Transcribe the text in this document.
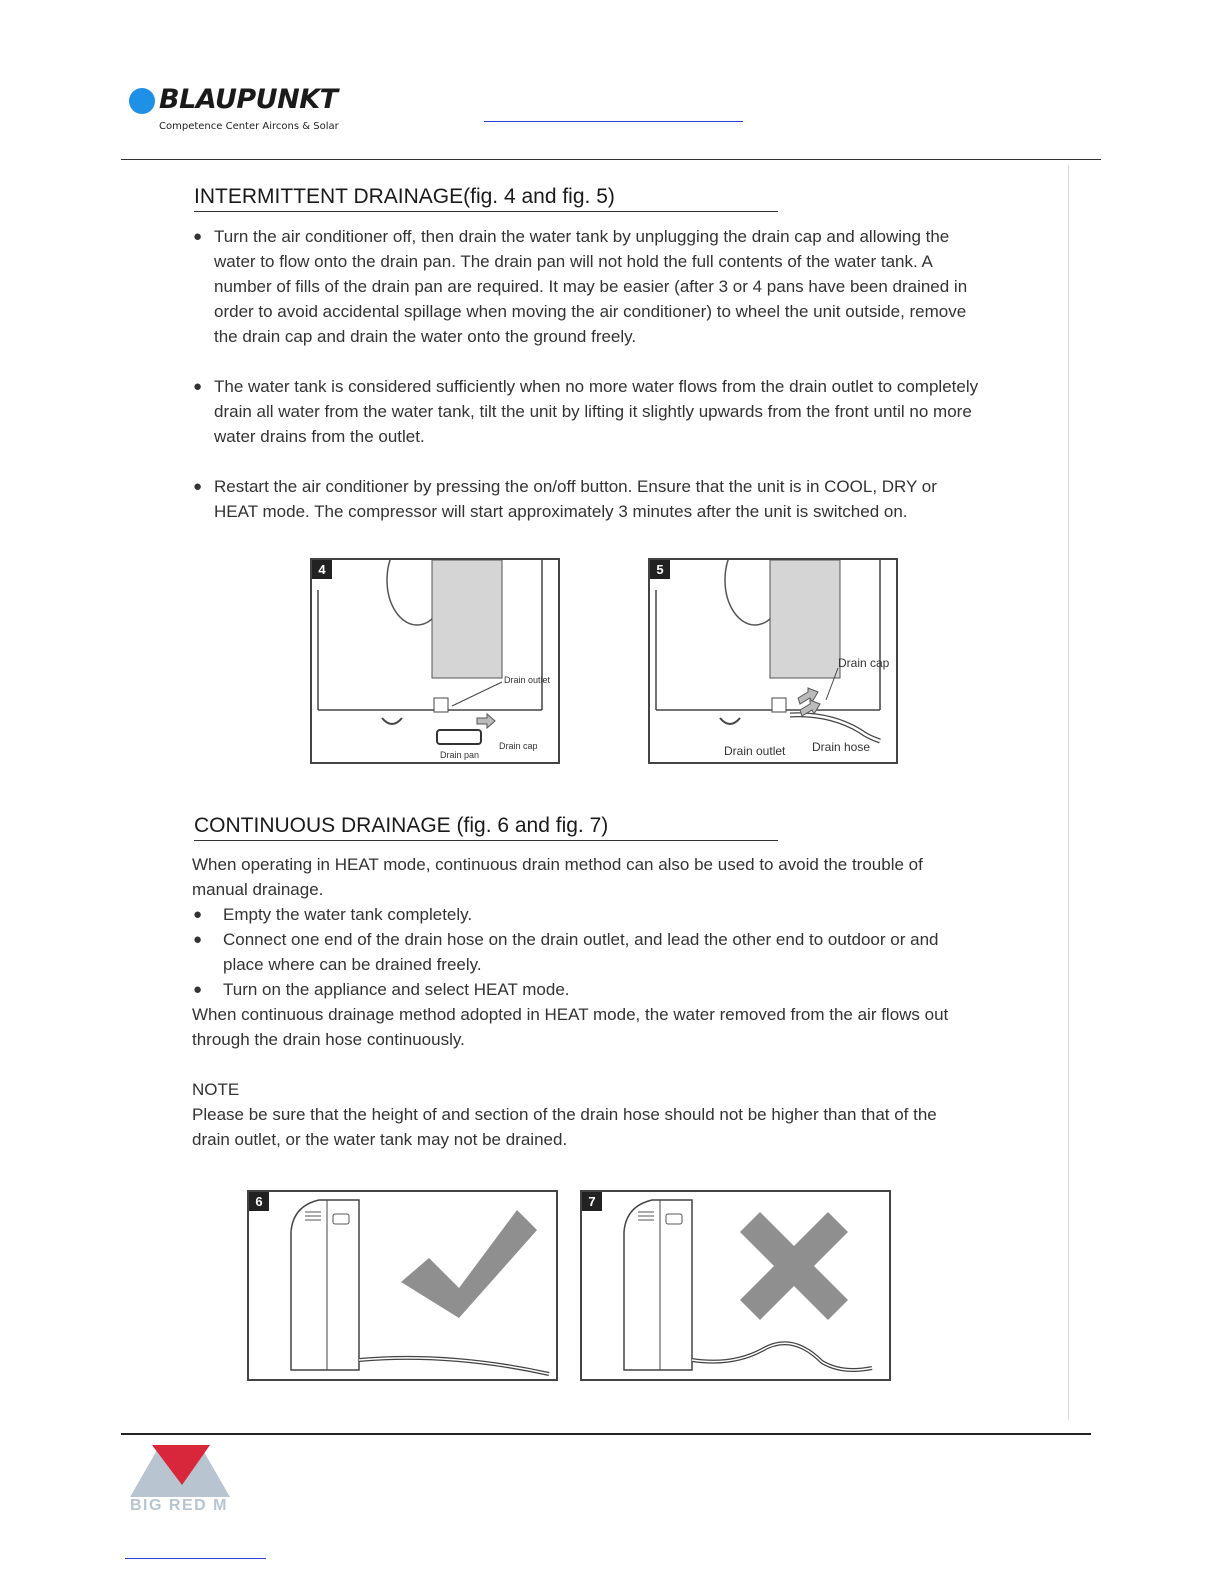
BLAUPUNKT
Competence Center Aircons & Solar
INTERMITTENT DRAINAGE(fig. 4 and fig. 5)
● Turn the air conditioner off, then drain the water tank by unplugging the drain cap and allowing the
water to flow onto the drain pan. The drain pan will not hold the full contents of the water tank. A
number of fills of the drain pan are required. It may be easier (after 3 or 4 pans have been drained in
order to avoid accidental spillage when moving the air conditioner) to wheel the unit outside, remove
the drain cap and drain the water onto the ground freely.
● The water tank is considered sufficiently when no more water flows from the drain outlet to completely
drain all water from the water tank, tilt the unit by lifting it slightly upwards from the front until no more
water drains from the outlet.
● Restart the air conditioner by pressing the on/off button. Ensure that the unit is in COOL, DRY or
HEAT mode. The compressor will start approximately 3 minutes after the unit is switched on.
4
Drain outlet
Drain cap
Drain pan
5
Drain cap
Drain outlet Drain hose
CONTINUOUS DRAINAGE (fig. 6 and fig. 7)
When operating in HEAT mode, continuous drain method can also be used to avoid the trouble of
manual drainage.
● Empty the water tank completely.
● Connect one end of the drain hose on the drain outlet, and lead the other end to outdoor or and
place where can be drained freely.
● Turn on the appliance and select HEAT mode.
When continuous drainage method adopted in HEAT mode, the water removed from the air flows out
through the drain hose continuously.
NOTE
Please be sure that the height of and section of the drain hose should not be higher than that of the
drain outlet, or the water tank may not be drained.
6	7
BIG RED M
